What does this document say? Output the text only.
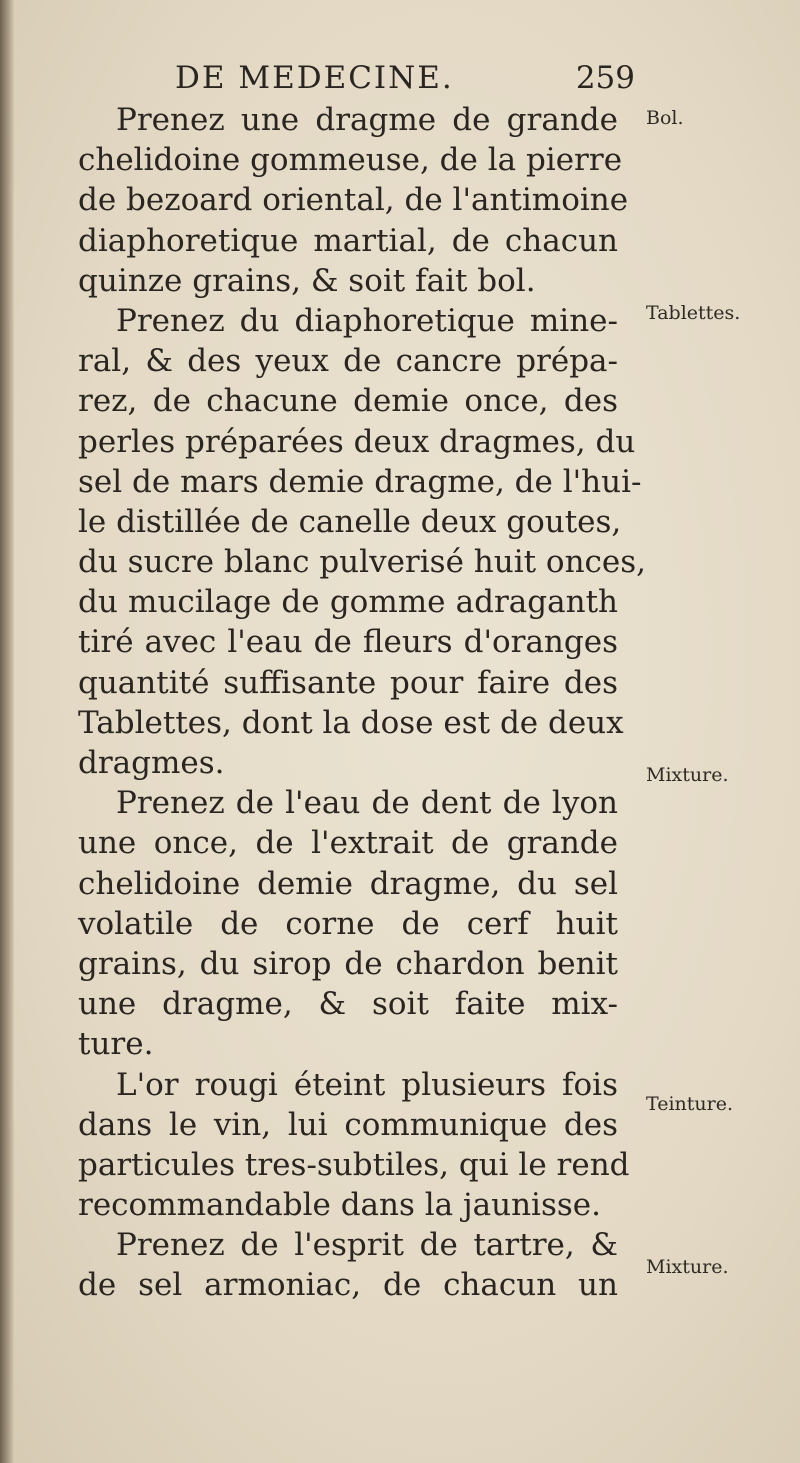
DE MEDECINE.	259
Prenez une dragme de grande
chelidoine gommeuse, de la pierre
de bezoard oriental, de l'antimoine
diaphoretique martial, de chacun
quinze grains, & soit fait bol.
Prenez du diaphoretique mine-
ral, & des yeux de cancre prépa-
rez, de chacune demie once, des
perles préparées deux dragmes, du
sel de mars demie dragme, de l'hui-
le distillée de canelle deux goutes,
du sucre blanc pulverisé huit onces,
du mucilage de gomme adraganth
tiré avec l'eau de fleurs d'oranges
quantité suffisante pour faire des
Tablettes, dont la dose est de deux
dragmes.
Prenez de l'eau de dent de lyon
une once, de l'extrait de grande
chelidoine demie dragme, du sel
volatile de corne de cerf huit
grains, du sirop de chardon benit
une dragme, & soit faite mix-
ture.
L'or rougi éteint plusieurs fois
dans le vin, lui communique des
particules tres-subtiles, qui le rend
recommandable dans la jaunisse.
Prenez de l'esprit de tartre, &
de sel armoniac, de chacun un
Bol.
Tablettes.
Mixture.
Teinture.
Mixture.
